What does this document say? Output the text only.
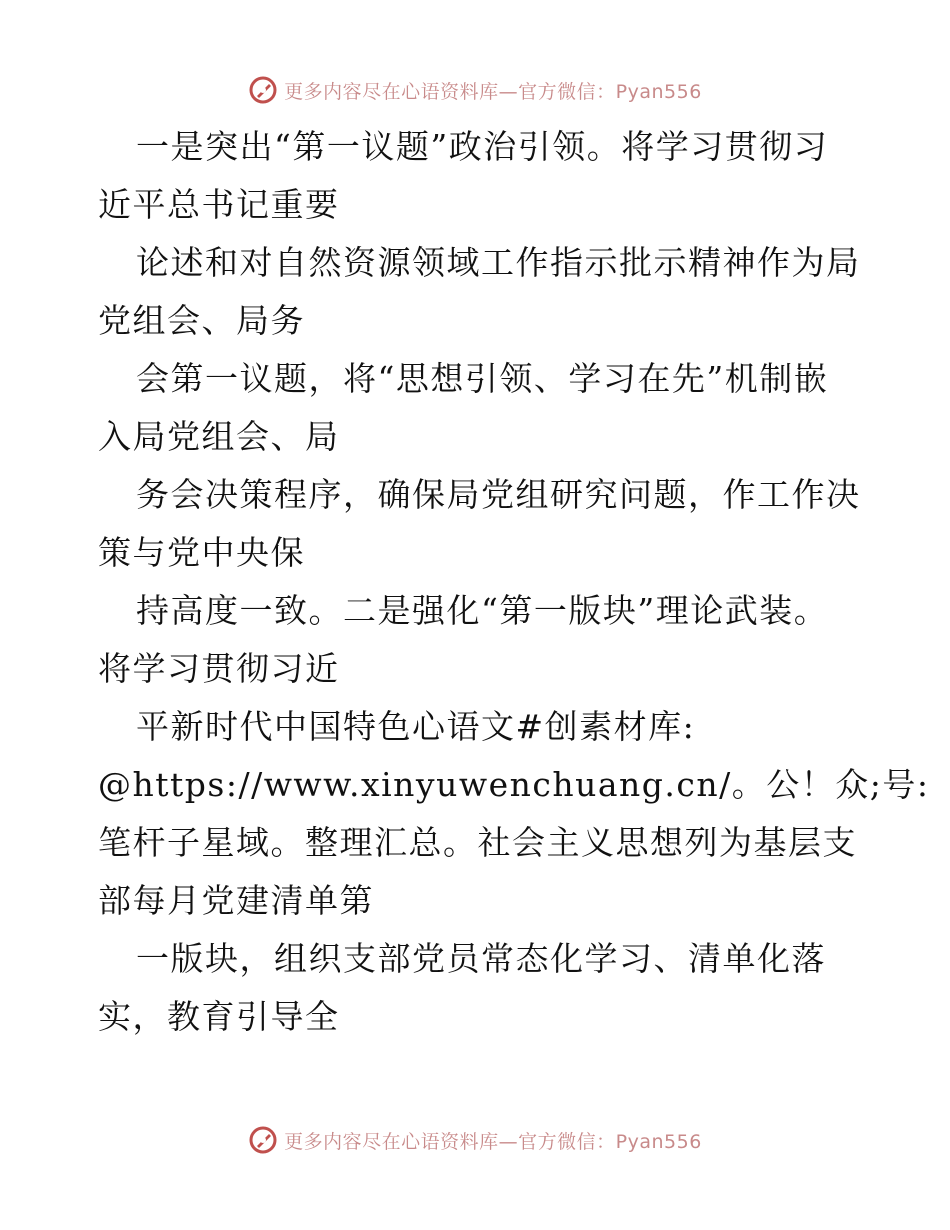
更多内容尽在心语资料库—官方微信：Pyan556
一是突出“第一议题”政治引领。将学习贯彻习
近平总书记重要
论述和对自然资源领域工作指示批示精神作为局
党组会、局务
会第一议题，将“思想引领、学习在先”机制嵌
入局党组会、局
务会决策程序，确保局党组研究问题，作工作决
策与党中央保
持高度一致。二是强化“第一版块”理论武装。
将学习贯彻习近
平新时代中国特色心语文#创素材库:
@https://www.xinyuwenchuang.cn/。公！众;号:
笔杆子星域。整理汇总。社会主义思想列为基层支
部每月党建清单第
一版块，组织支部党员常态化学习、清单化落
实，教育引导全
更多内容尽在心语资料库—官方微信：Pyan556
